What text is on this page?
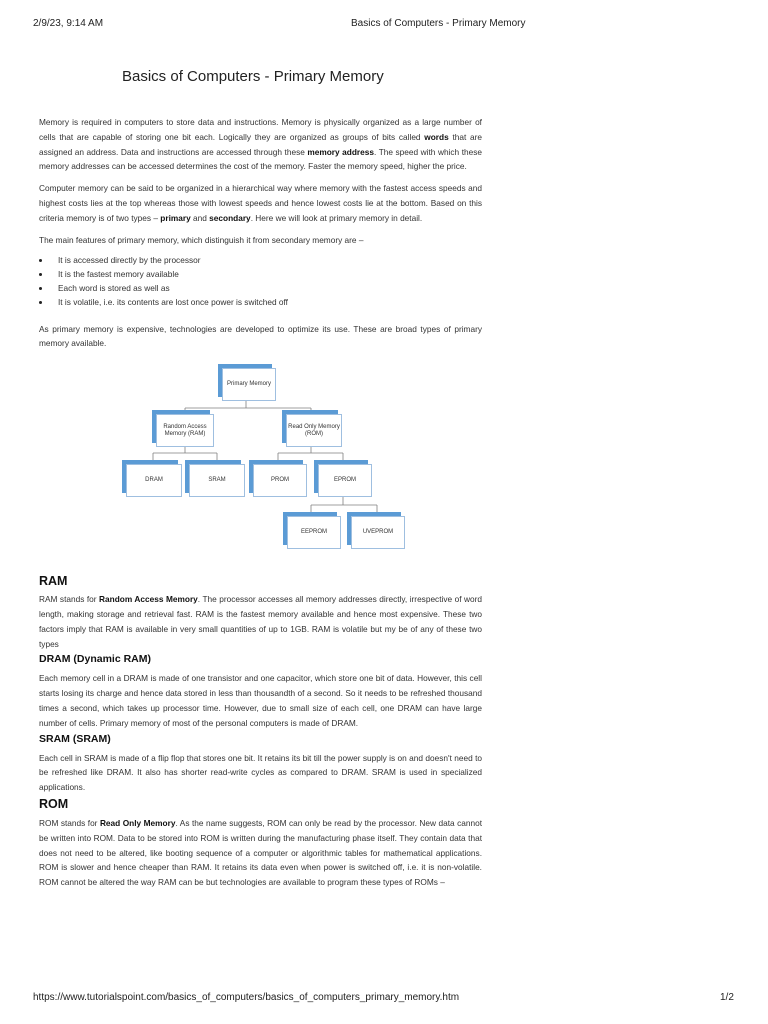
2/9/23, 9:14 AM	Basics of Computers - Primary Memory
Basics of Computers - Primary Memory

Memory is required in computers to store data and instructions. Memory is physically organized as a large number of cells that are capable of storing one bit each. Logically they are organized as groups of bits called words that are assigned an address. Data and instructions are accessed through these memory address. The speed with which these memory addresses can be accessed determines the cost of the memory. Faster the memory speed, higher the price.

Computer memory can be said to be organized in a hierarchical way where memory with the fastest access speeds and highest costs lies at the top whereas those with lowest speeds and hence lowest costs lie at the bottom. Based on this criteria memory is of two types – primary and secondary. Here we will look at primary memory in detail.

The main features of primary memory, which distinguish it from secondary memory are –

It is accessed directly by the processor
It is the fastest memory available
Each word is stored as well as
It is volatile, i.e. its contents are lost once power is switched off

As primary memory is expensive, technologies are developed to optimize its use. These are broad types of primary memory available.

Primary Memory
Random Access Memory (RAM)
Read Only Memory (ROM)
DRAM	SRAM	PROM	EPROM
EEPROM	UVEPROM
RAM

RAM stands for Random Access Memory. The processor accesses all memory addresses directly, irrespective of word length, making storage and retrieval fast. RAM is the fastest memory available and hence most expensive. These two factors imply that RAM is available in very small quantities of up to 1GB. RAM is volatile but my be of any of these two types

DRAM (Dynamic RAM)

Each memory cell in a DRAM is made of one transistor and one capacitor, which store one bit of data. However, this cell starts losing its charge and hence data stored in less than thousandth of a second. So it needs to be refreshed thousand times a second, which takes up processor time. However, due to small size of each cell, one DRAM can have large number of cells. Primary memory of most of the personal computers is made of DRAM.

SRAM (SRAM)

Each cell in SRAM is made of a flip flop that stores one bit. It retains its bit till the power supply is on and doesn't need to be refreshed like DRAM. It also has shorter read-write cycles as compared to DRAM. SRAM is used in specialized applications.

ROM

ROM stands for Read Only Memory. As the name suggests, ROM can only be read by the processor. New data cannot be written into ROM. Data to be stored into ROM is written during the manufacturing phase itself. They contain data that does not need to be altered, like booting sequence of a computer or algorithmic tables for mathematical applications. ROM is slower and hence cheaper than RAM. It retains its data even when power is switched off, i.e. it is non-volatile. ROM cannot be altered the way RAM can be but technologies are available to program these types of ROMs –

https://www.tutorialspoint.com/basics_of_computers/basics_of_computers_primary_memory.htm	1/2
